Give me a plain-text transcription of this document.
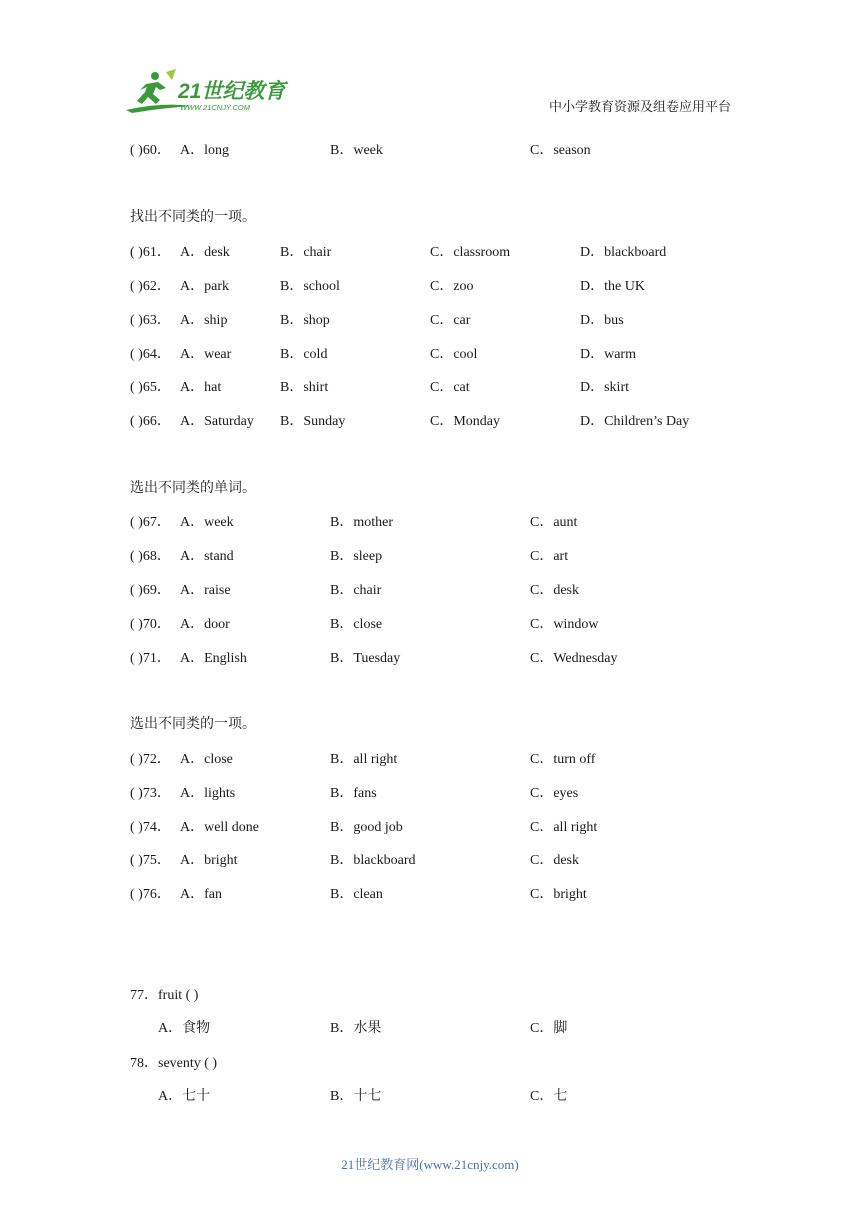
21世纪教育
WWW.21CNJY.COM	中小学教育资源及组卷应用平台
( )60． A．long	B．week	C．season
找出不同类的一项。
( )61． A．desk	B．chair	C．classroom	D．blackboard
( )62． A．park	B．school	C．zoo	D．the UK
( )63． A．ship	B．shop	C．car	D．bus
( )64． A．wear	B．cold	C．cool	D．warm
( )65． A．hat	B．shirt	C．cat	D．skirt
( )66． A．Saturday B．Sunday	C．Monday	D．Children’s Day
选出不同类的单词。
( )67． A．week	B．mother	C．aunt
( )68． A．stand	B．sleep	C．art
( )69． A．raise	B．chair	C．desk
( )70． A．door	B．close	C．window
( )71． A．English	B．Tuesday	C．Wednesday
选出不同类的一项。
( )72． A．close	B．all right	C．turn off
( )73． A．lights	B．fans	C．eyes
( )74． A．well done	B．good job	C．all right
( )75． A．bright	B．blackboard	C．desk
( )76． A．fan	B．clean	C．bright
77．fruit ( )
A．食物	B．水果	C．脚
78．seventy ( )
A．七十	B．十七	C．七
21世纪教育网(www.21cnjy.com)
